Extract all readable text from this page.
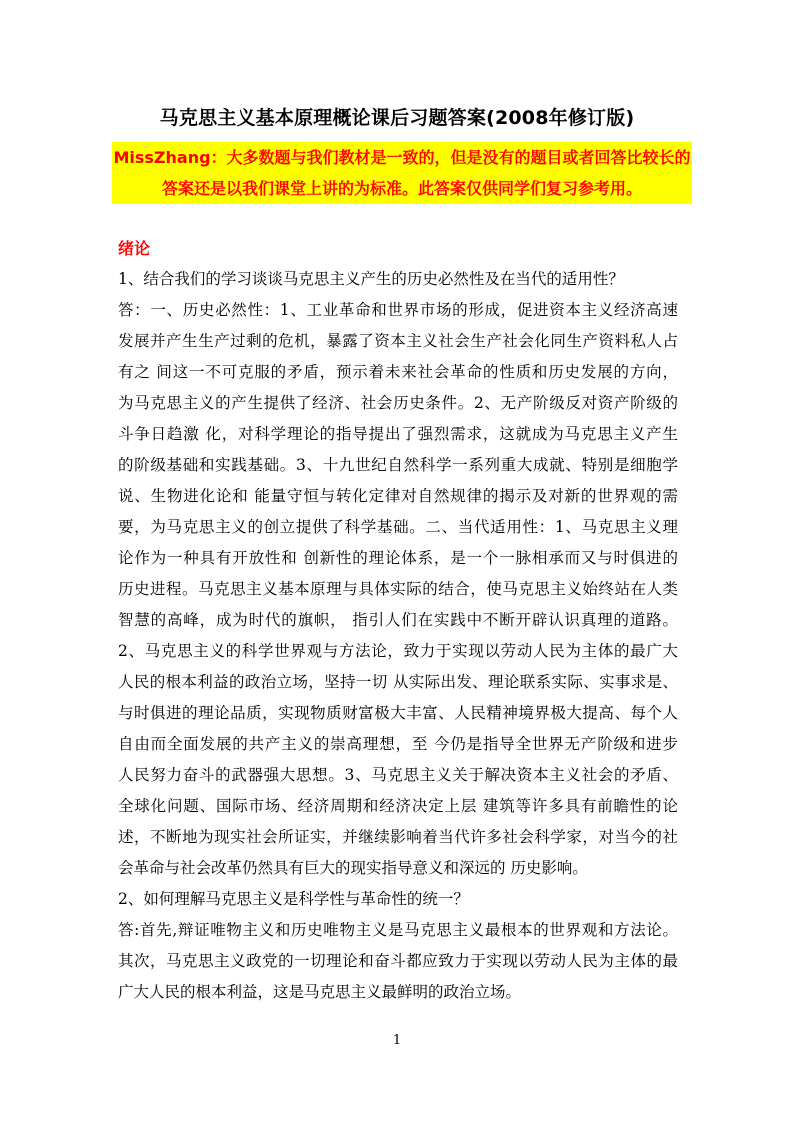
马克思主义基本原理概论课后习题答案(2008年修订版)
MissZhang：大多数题与我们教材是一致的，但是没有的题目或者回答比较长的
答案还是以我们课堂上讲的为标准。此答案仅供同学们复习参考用。
绪论
1、结合我们的学习谈谈马克思主义产生的历史必然性及在当代的适用性？
答：一、历史必然性：1、工业革命和世界市场的形成，促进资本主义经济高速
发展并产生生产过剩的危机，暴露了资本主义社会生产社会化同生产资料私人占
有之 间这一不可克服的矛盾，预示着未来社会革命的性质和历史发展的方向，
为马克思主义的产生提供了经济、社会历史条件。2、无产阶级反对资产阶级的
斗争日趋激 化，对科学理论的指导提出了强烈需求，这就成为马克思主义产生
的阶级基础和实践基础。3、十九世纪自然科学一系列重大成就、特别是细胞学
说、生物进化论和 能量守恒与转化定律对自然规律的揭示及对新的世界观的需
要，为马克思主义的创立提供了科学基础。二、当代适用性：1、马克思主义理
论作为一种具有开放性和 创新性的理论体系，是一个一脉相承而又与时俱进的
历史进程。马克思主义基本原理与具体实际的结合，使马克思主义始终站在人类
智慧的高峰，成为时代的旗帜， 指引人们在实践中不断开辟认识真理的道路。
2、马克思主义的科学世界观与方法论，致力于实现以劳动人民为主体的最广大
人民的根本利益的政治立场，坚持一切 从实际出发、理论联系实际、实事求是、
与时俱进的理论品质，实现物质财富极大丰富、人民精神境界极大提高、每个人
自由而全面发展的共产主义的崇高理想，至 今仍是指导全世界无产阶级和进步
人民努力奋斗的武器强大思想。3、马克思主义关于解决资本主义社会的矛盾、
全球化问题、国际市场、经济周期和经济决定上层 建筑等许多具有前瞻性的论
述，不断地为现实社会所证实，并继续影响着当代许多社会科学家，对当今的社
会革命与社会改革仍然具有巨大的现实指导意义和深远的 历史影响。
2、如何理解马克思主义是科学性与革命性的统一？
答:首先,辩证唯物主义和历史唯物主义是马克思主义最根本的世界观和方法论。
其次，马克思主义政党的一切理论和奋斗都应致力于实现以劳动人民为主体的最
广大人民的根本利益，这是马克思主义最鲜明的政治立场。
1
